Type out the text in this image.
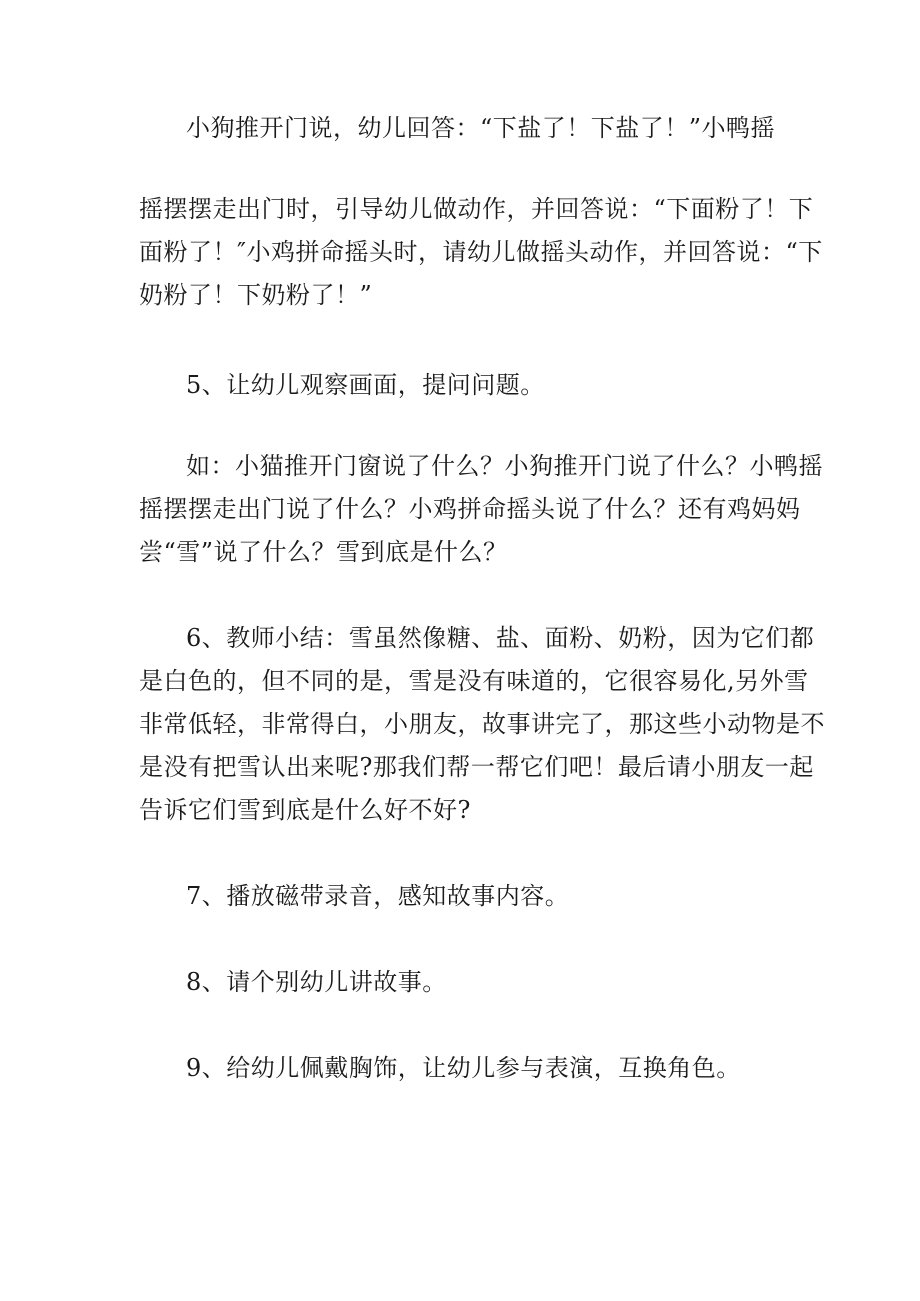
小狗推开门说，幼儿回答：“下盐了！下盐了！”小鸭摇
摇摆摆走出门时，引导幼儿做动作，并回答说：“下面粉了！下
面粉了！″小鸡拼命摇头时，请幼儿做摇头动作，并回答说：“下
奶粉了！下奶粉了！”
5、让幼儿观察画面，提问问题。
如：小猫推开门窗说了什么？小狗推开门说了什么？小鸭摇
摇摆摆走出门说了什么？小鸡拼命摇头说了什么？还有鸡妈妈
尝“雪”说了什么？雪到底是什么？
6、教师小结：雪虽然像糖、盐、面粉、奶粉，因为它们都
是白色的，但不同的是，雪是没有味道的，它很容易化,另外雪
非常低轻，非常得白，小朋友，故事讲完了，那这些小动物是不
是没有把雪认出来呢?那我们帮一帮它们吧！最后请小朋友一起
告诉它们雪到底是什么好不好?
7、播放磁带录音，感知故事内容。
8、请个别幼儿讲故事。
9、给幼儿佩戴胸饰，让幼儿参与表演，互换角色。
